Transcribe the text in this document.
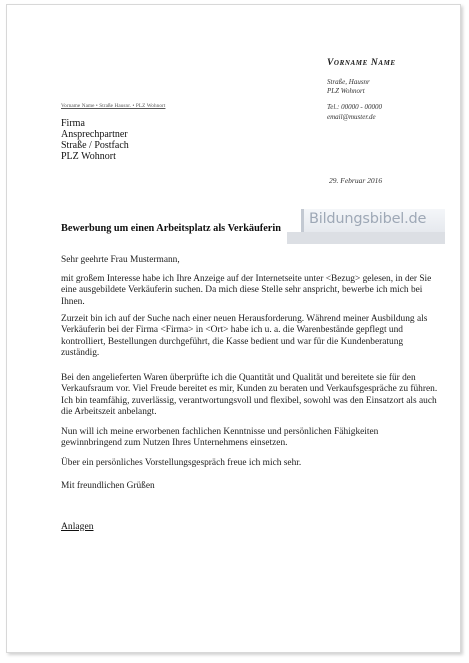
Vorname Name
Straße, Hausnr
PLZ Wohnort
Tel.: 00000 - 00000
email@muster.de
Vorname Name • Straße Hausnr. • PLZ Wohnort
Firma
Ansprechpartner
Straße / Postfach
PLZ Wohnort
29. Februar 2016
Bildungsbibel.de
Bewerbung um einen Arbeitsplatz als Verkäuferin

Sehr geehrte Frau Mustermann,

mit großem Interesse habe ich Ihre Anzeige auf der Internetseite unter <Bezug> gelesen, in der Sie eine ausgebildete Verkäuferin suchen. Da mich diese Stelle sehr anspricht, bewerbe ich mich bei Ihnen.

Zurzeit bin ich auf der Suche nach einer neuen Herausforderung. Während meiner Ausbildung als Verkäuferin bei der Firma <Firma> in <Ort> habe ich u. a. die Warenbestände gepflegt und kontrolliert, Bestellungen durchgeführt, die Kasse bedient und war für die Kundenberatung zuständig.

Bei den angelieferten Waren überprüfte ich die Quantität und Qualität und bereitete sie für den Verkaufsraum vor. Viel Freude bereitet es mir, Kunden zu beraten und Verkaufsgespräche zu führen. Ich bin teamfähig, zuverlässig, verantwortungsvoll und flexibel, sowohl was den Einsatzort als auch die Arbeitszeit anbelangt.

Nun will ich meine erworbenen fachlichen Kenntnisse und persönlichen Fähigkeiten gewinnbringend zum Nutzen Ihres Unternehmens einsetzen.

Über ein persönliches Vorstellungsgespräch freue ich mich sehr.

Mit freundlichen Grüßen

Anlagen
